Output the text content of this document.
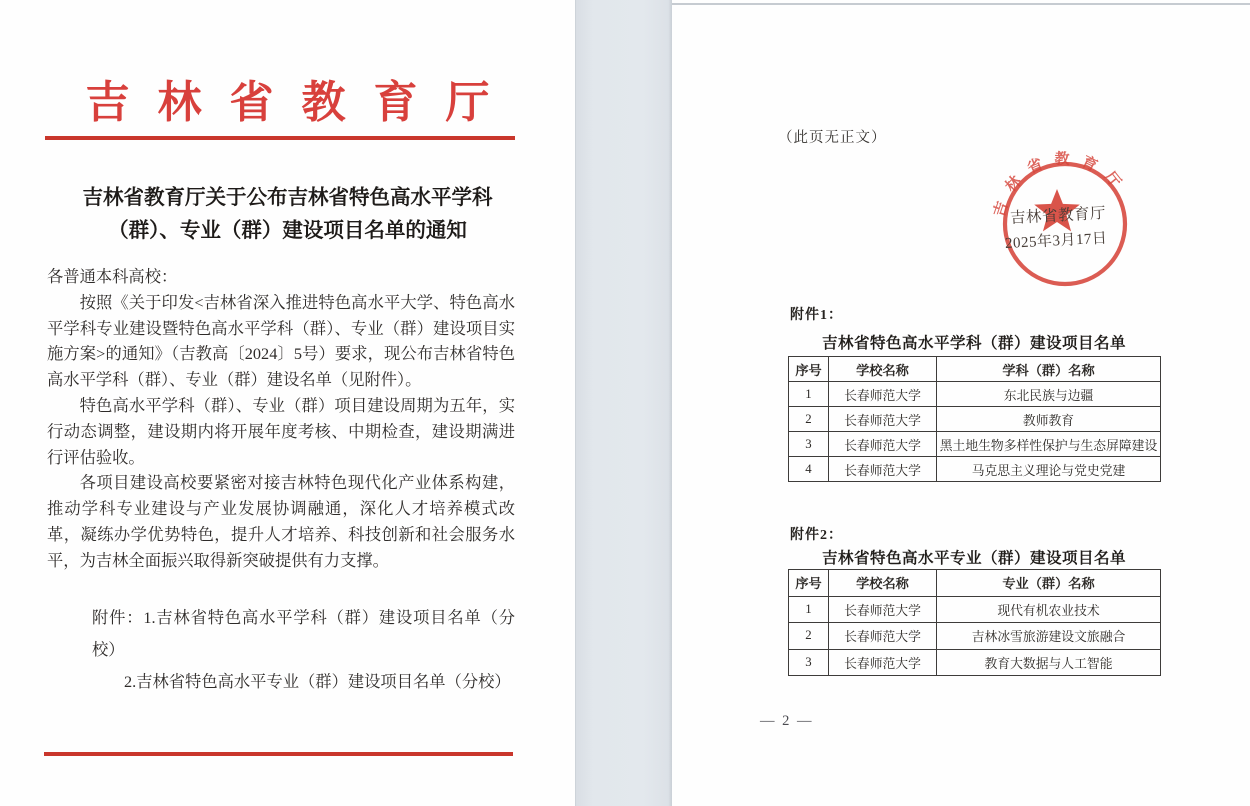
吉林省教育厅
吉林省教育厅关于公布吉林省特色高水平学科
（群）、专业（群）建设项目名单的通知

各普通本科高校：

按照《关于印发<吉林省深入推进特色高水平大学、特色高水平学科专业建设暨特色高水平学科（群）、专业（群）建设项目实施方案>的通知》（吉教高〔2024〕5号）要求，现公布吉林省特色高水平学科（群）、专业（群）建设名单（见附件）。

特色高水平学科（群）、专业（群）项目建设周期为五年，实行动态调整，建设期内将开展年度考核、中期检查，建设期满进行评估验收。

各项目建设高校要紧密对接吉林特色现代化产业体系构建，推动学科专业建设与产业发展协调融通，深化人才培养模式改革，凝练办学优势特色，提升人才培养、科技创新和社会服务水平，为吉林全面振兴取得新突破提供有力支撑。

附件：1.吉林省特色高水平学科（群）建设项目名单（分校）
2.吉林省特色高水平专业（群）建设项目名单（分校）
（此页无正文）
吉林省教育厅
吉林省教育厅
2025年3月17日
附件1：
吉林省特色高水平学科（群）建设项目名单
序号	学校名称	学科（群）名称
1	长春师范大学	东北民族与边疆
2	长春师范大学	教师教育
3	长春师范大学	黑土地生物多样性保护与生态屏障建设
4	长春师范大学	马克思主义理论与党史党建
附件2：
吉林省特色高水平专业（群）建设项目名单
序号	学校名称	专业（群）名称
1	长春师范大学	现代有机农业技术
2	长春师范大学	吉林冰雪旅游建设文旅融合
3	长春师范大学	教育大数据与人工智能
— 2 —
